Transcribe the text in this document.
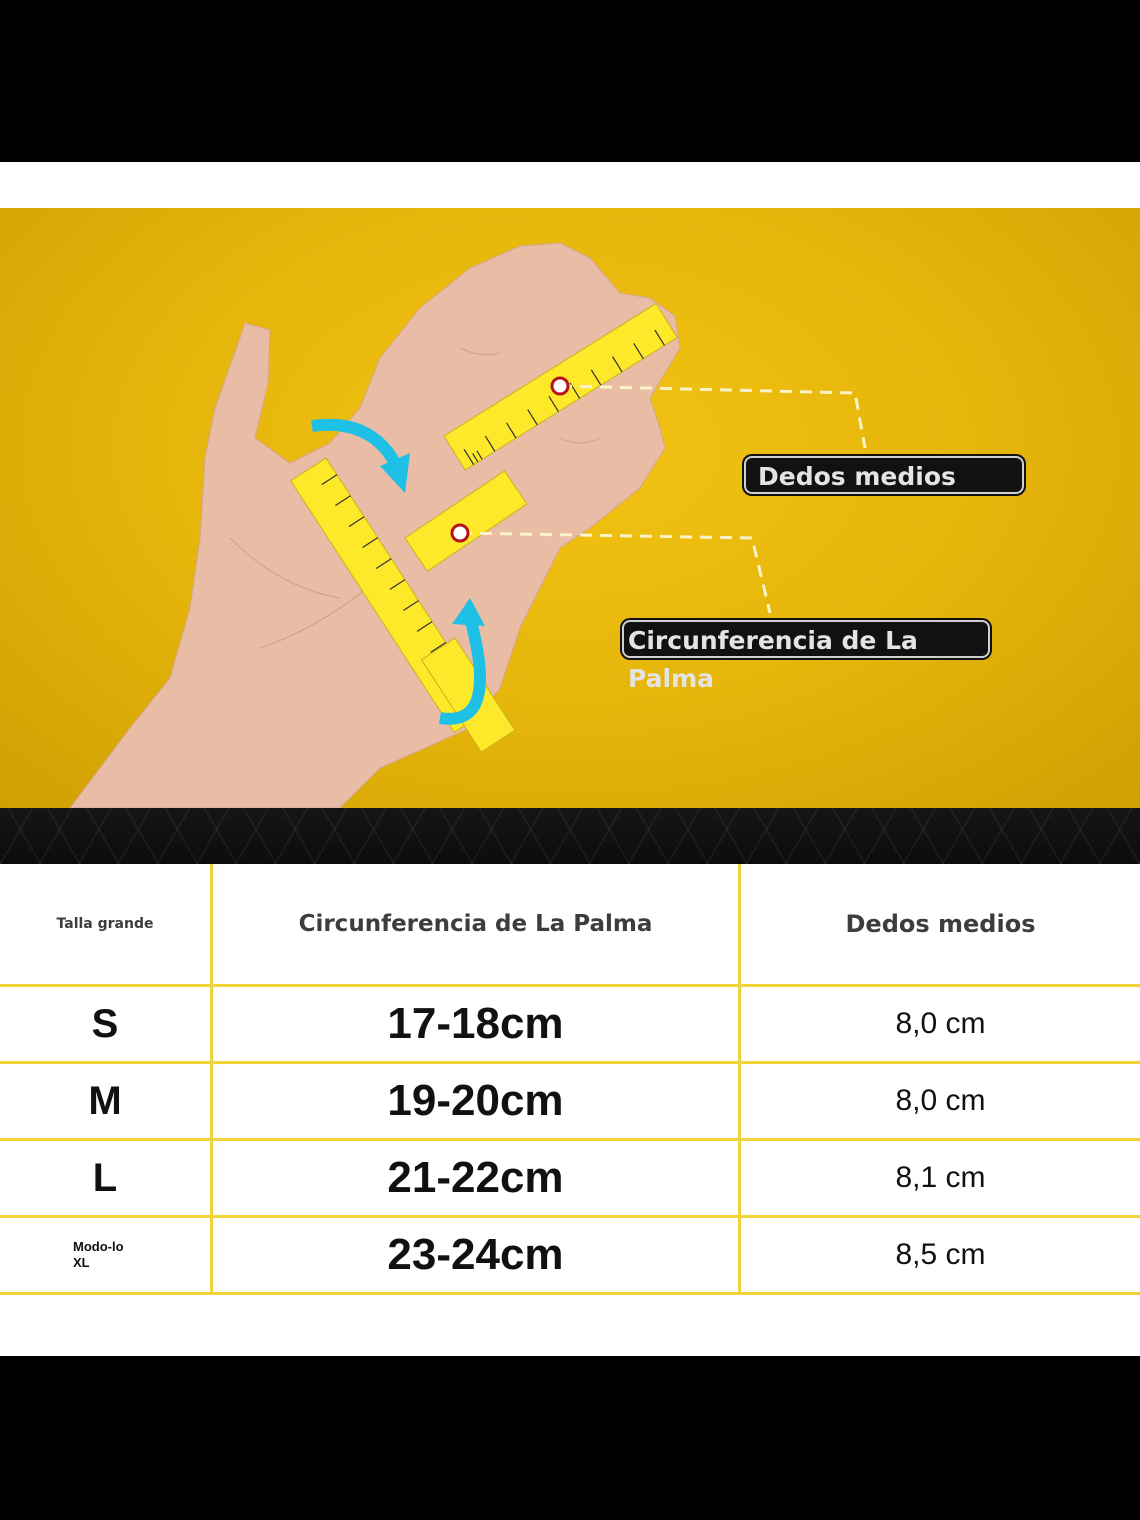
Dedos medios
Circunferencia de La Palma
Talla grande	Circunferencia de La Palma	Dedos medios
S	17-18cm	8,0 cm
M	19-20cm	8,0 cm
L	21-22cm	8,1 cm

Modo-lo
XL	23-24cm	8,5 cm
